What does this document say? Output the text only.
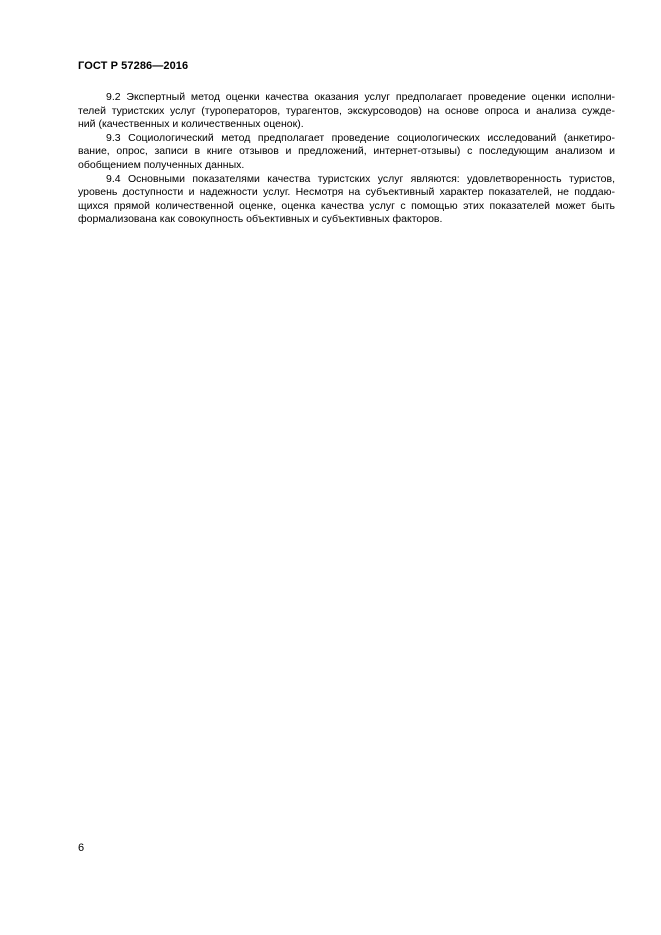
ГОСТ Р 57286—2016
9.2 Экспертный метод оценки качества оказания услуг предполагает проведение оценки исполни-
телей туристских услуг (туроператоров, турагентов, экскурсоводов) на основе опроса и анализа сужде-
ний (качественных и количественных оценок).
9.3 Социологический метод предполагает проведение социологических исследований (анкетиро-
вание, опрос, записи в книге отзывов и предложений, интернет-отзывы) с последующим анализом и
обобщением полученных данных.
9.4 Основными показателями качества туристских услуг являются: удовлетворенность туристов,
уровень доступности и надежности услуг. Несмотря на субъективный характер показателей, не поддаю-
щихся прямой количественной оценке, оценка качества услуг с помощью этих показателей может быть
формализована как совокупность объективных и субъективных факторов.
6
